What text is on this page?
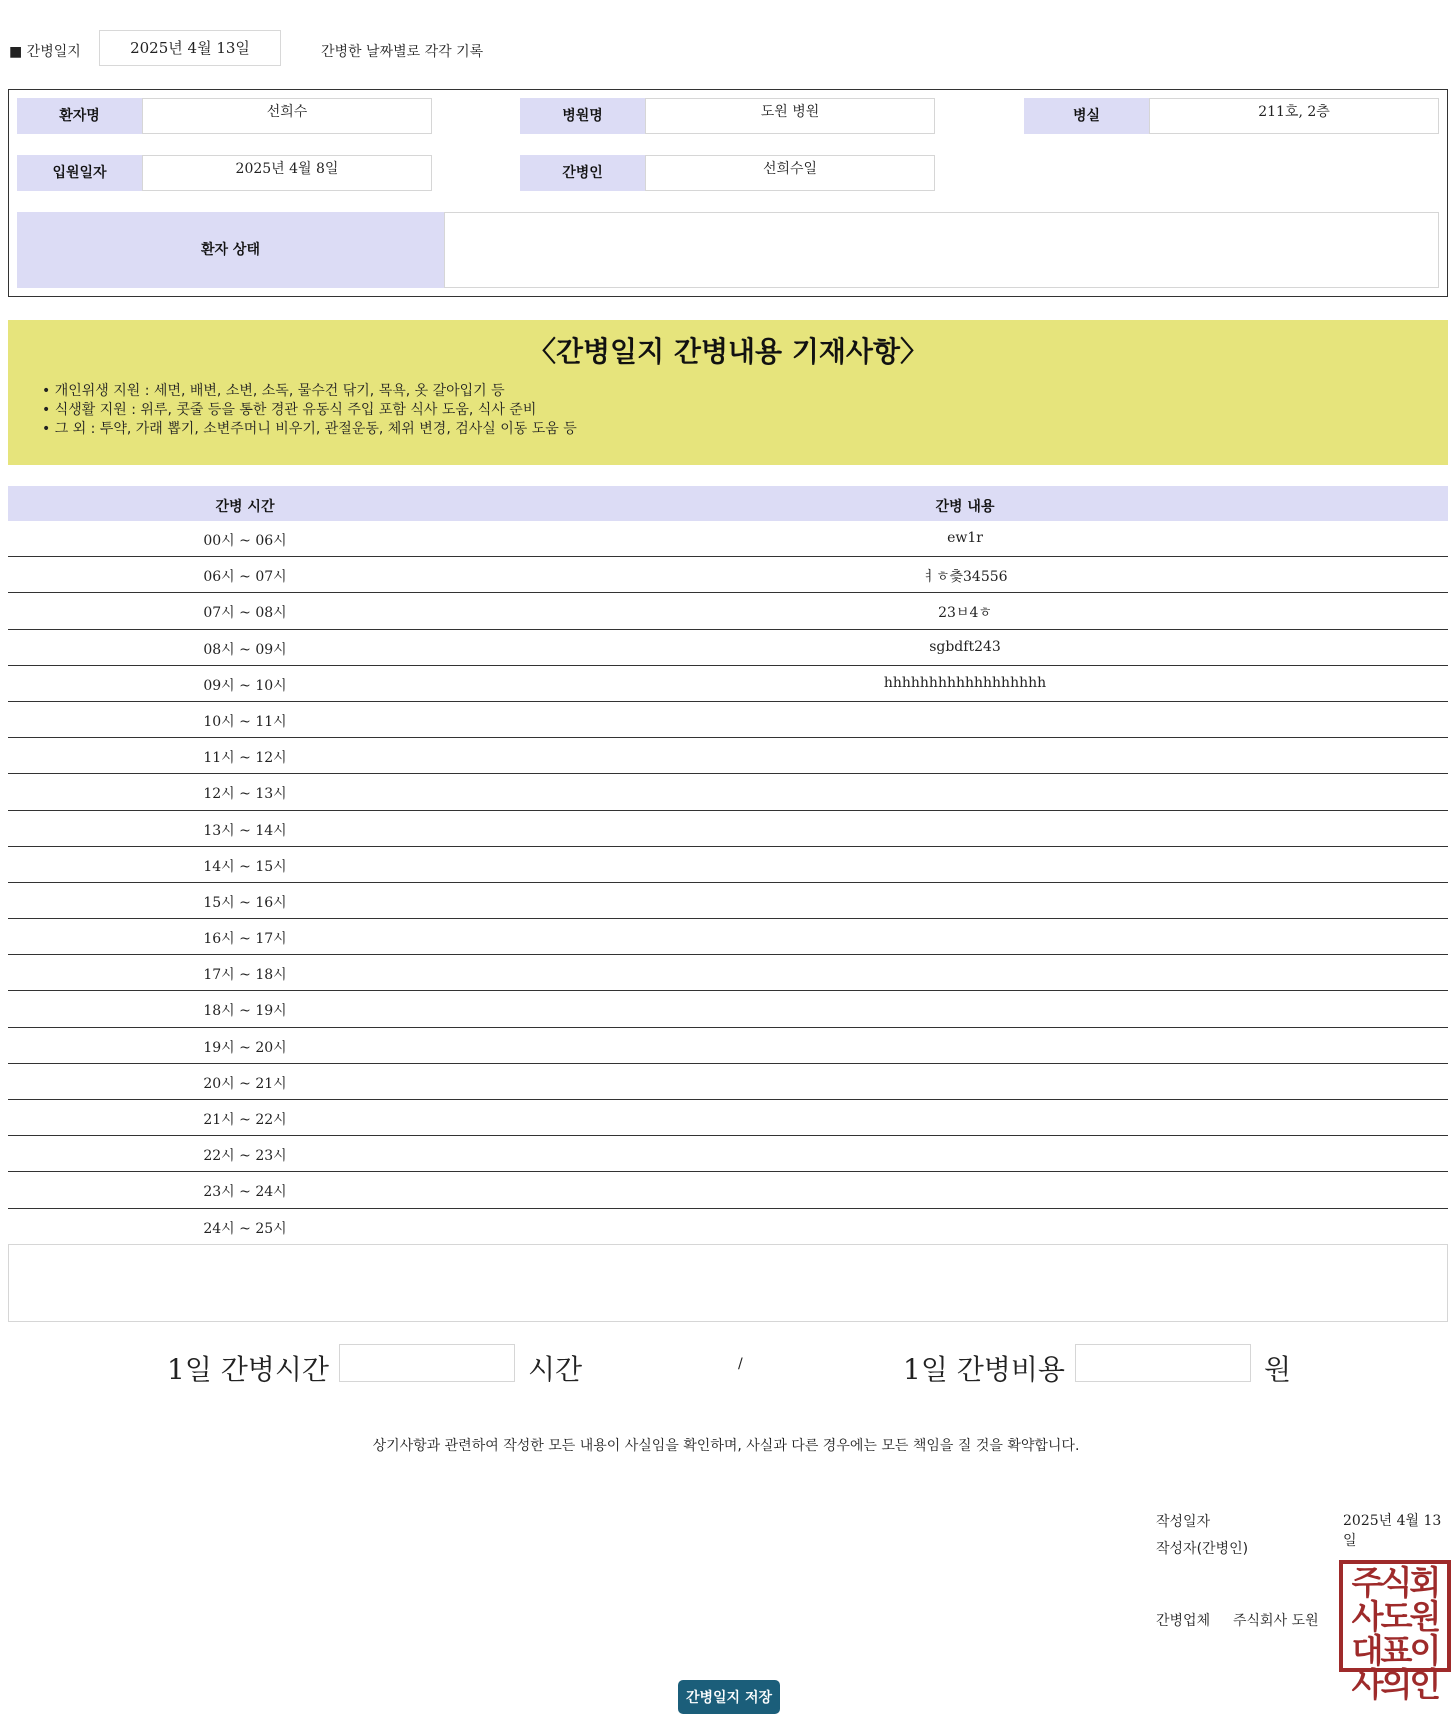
■ 간병일지	2025년 4월 13일	간병한 날짜별로 각각 기록
환자명	선희수	병원명	도원 병원	병실	211호, 2층
입원일자	2025년 4월 8일	간병인	선희수일
환자 상태
〈간병일지 간병내용 기재사항〉
• 개인위생 지원 : 세면, 배변, 소변, 소독, 물수건 닦기, 목욕, 옷 갈아입기 등
• 식생활 지원 : 위루, 콧줄 등을 통한 경관 유동식 주입 포함 식사 도움, 식사 준비
• 그 외 : 투약, 가래 뽑기, 소변주머니 비우기, 관절운동, 체위 변경, 검사실 이동 도움 등
간병 시간	간병 내용
00시 ~ 06시	ew1r
06시 ~ 07시	ㅕㅎ츷34556
07시 ~ 08시	23ㅂ4ㅎ
08시 ~ 09시	sgbdft243
09시 ~ 10시	hhhhhhhhhhhhhhhhhh
10시 ~ 11시
11시 ~ 12시
12시 ~ 13시
13시 ~ 14시
14시 ~ 15시
15시 ~ 16시
16시 ~ 17시
17시 ~ 18시
18시 ~ 19시
19시 ~ 20시
20시 ~ 21시
21시 ~ 22시
22시 ~ 23시
23시 ~ 24시
24시 ~ 25시
1일 간병시간	시간	/	1일 간병비용	원
상기사항과 관련하여 작성한 모든 내용이 사실임을 확인하며, 사실과 다른 경우에는 모든 책임을 질 것을 확약합니다.
작성일자	2025년 4월 13일
작성자(간병인)
간병업체 주식회사 도원
주식회사도원대표이사의인
간병일지 저장
